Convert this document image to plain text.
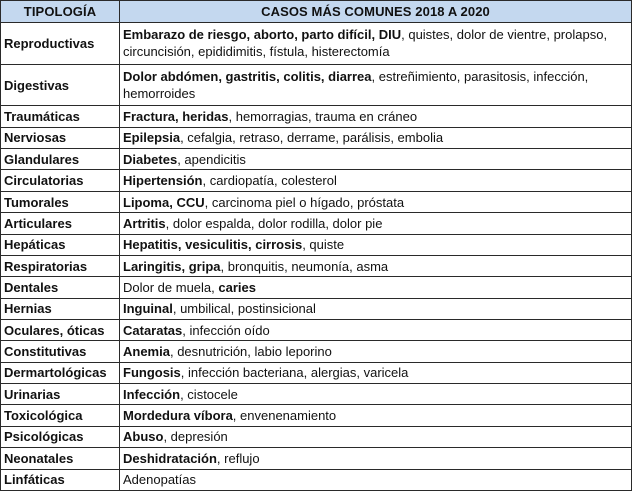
TIPOLOGÍA	CASOS MÁS COMUNES 2018 A 2020
Reproductivas	Embarazo de riesgo, aborto, parto difícil, DIU, quistes, dolor de vientre, prolapso, circuncisión, epididimitis, fístula, histerectomía
Digestivas	Dolor abdómen, gastritis, colitis, diarrea, estreñimiento, parasitosis, infección, hemorroides
Traumáticas	Fractura, heridas, hemorragias, trauma en cráneo
Nerviosas	Epilepsia, cefalgia, retraso, derrame, parálisis, embolia
Glandulares	Diabetes, apendicitis
Circulatorias	Hipertensión, cardiopatía, colesterol
Tumorales	Lipoma, CCU, carcinoma piel o hígado, próstata
Articulares	Artritis, dolor espalda, dolor rodilla, dolor pie
Hepáticas	Hepatitis, vesiculitis, cirrosis, quiste
Respiratorias	Laringitis, gripa, bronquitis, neumonía, asma
Dentales	Dolor de muela, caries
Hernias	Inguinal, umbilical, postinsicional
Oculares, óticas	Cataratas, infección oído
Constitutivas	Anemia, desnutrición, labio leporino
Dermartológicas	Fungosis, infección bacteriana, alergias, varicela
Urinarias	Infección, cistocele
Toxicológica	Mordedura víbora, envenenamiento
Psicológicas	Abuso, depresión
Neonatales	Deshidratación, reflujo
Linfáticas	Adenopatías
